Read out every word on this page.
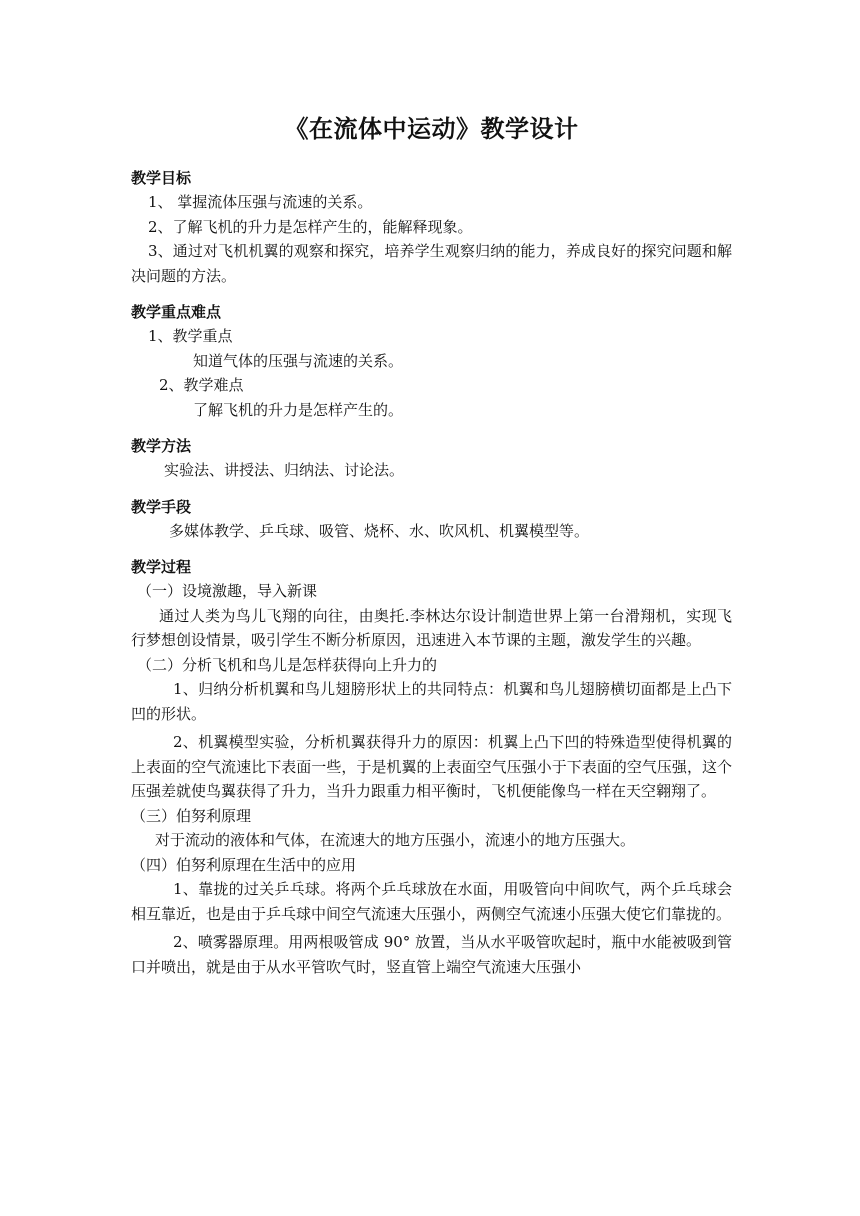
《在流体中运动》教学设计
教学目标

1、 掌握流体压强与流速的关系。

2、了解飞机的升力是怎样产生的，能解释现象。

3、通过对飞机机翼的观察和探究，培养学生观察归纳的能力，养成良好的探究问题和解决问题的方法。

教学重点难点

1、教学重点

知道气体的压强与流速的关系。

2、教学难点

了解飞机的升力是怎样产生的。

教学方法

实验法、讲授法、归纳法、讨论法。

教学手段

多媒体教学、乒乓球、吸管、烧杯、水、吹风机、机翼模型等。

教学过程

（一）设境激趣，导入新课

通过人类为鸟儿飞翔的向往，由奥托.李林达尔设计制造世界上第一台滑翔机，实现飞行梦想创设情景，吸引学生不断分析原因，迅速进入本节课的主题，激发学生的兴趣。

（二）分析飞机和鸟儿是怎样获得向上升力的

1、归纳分析机翼和鸟儿翅膀形状上的共同特点：机翼和鸟儿翅膀横切面都是上凸下凹的形状。

2、机翼模型实验，分析机翼获得升力的原因：机翼上凸下凹的特殊造型使得机翼的上表面的空气流速比下表面一些，于是机翼的上表面空气压强小于下表面的空气压强，这个压强差就使鸟翼获得了升力，当升力跟重力相平衡时，飞机便能像鸟一样在天空翱翔了。

（三）伯努利原理

对于流动的液体和气体，在流速大的地方压强小，流速小的地方压强大。

（四）伯努利原理在生活中的应用

1、靠拢的过关乒乓球。将两个乒乓球放在水面，用吸管向中间吹气，两个乒乓球会相互靠近，也是由于乒乓球中间空气流速大压强小，两侧空气流速小压强大使它们靠拢的。

2、喷雾器原理。用两根吸管成 90° 放置，当从水平吸管吹起时，瓶中水能被吸到管口并喷出，就是由于从水平管吹气时，竖直管上端空气流速大压强小
